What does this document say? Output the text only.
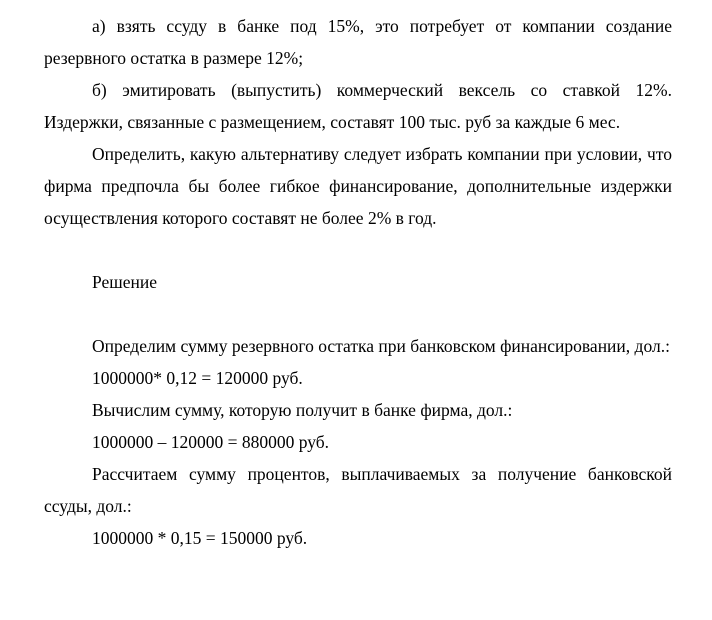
а) взять ссуду в банке под 15%, это потребует от компании создание резервного остатка в размере 12%;

б) эмитировать (выпустить) коммерческий вексель со ставкой 12%. Издержки, связанные с размещением, составят 100 тыс. руб за каждые 6 мес.

Определить, какую альтернативу следует избрать компании при условии, что фирма предпочла бы более гибкое финансирование, дополнительные издержки осуществления которого составят не более 2% в год.

Решение

Определим сумму резервного остатка при банковском финансировании, дол.:

1000000* 0,12 = 120000 руб.

Вычислим сумму, которую получит в банке фирма, дол.:

1000000 – 120000 = 880000 руб.

Рассчитаем сумму процентов, выплачиваемых за получение банковской ссуды, дол.:

1000000 * 0,15 = 150000 руб.
